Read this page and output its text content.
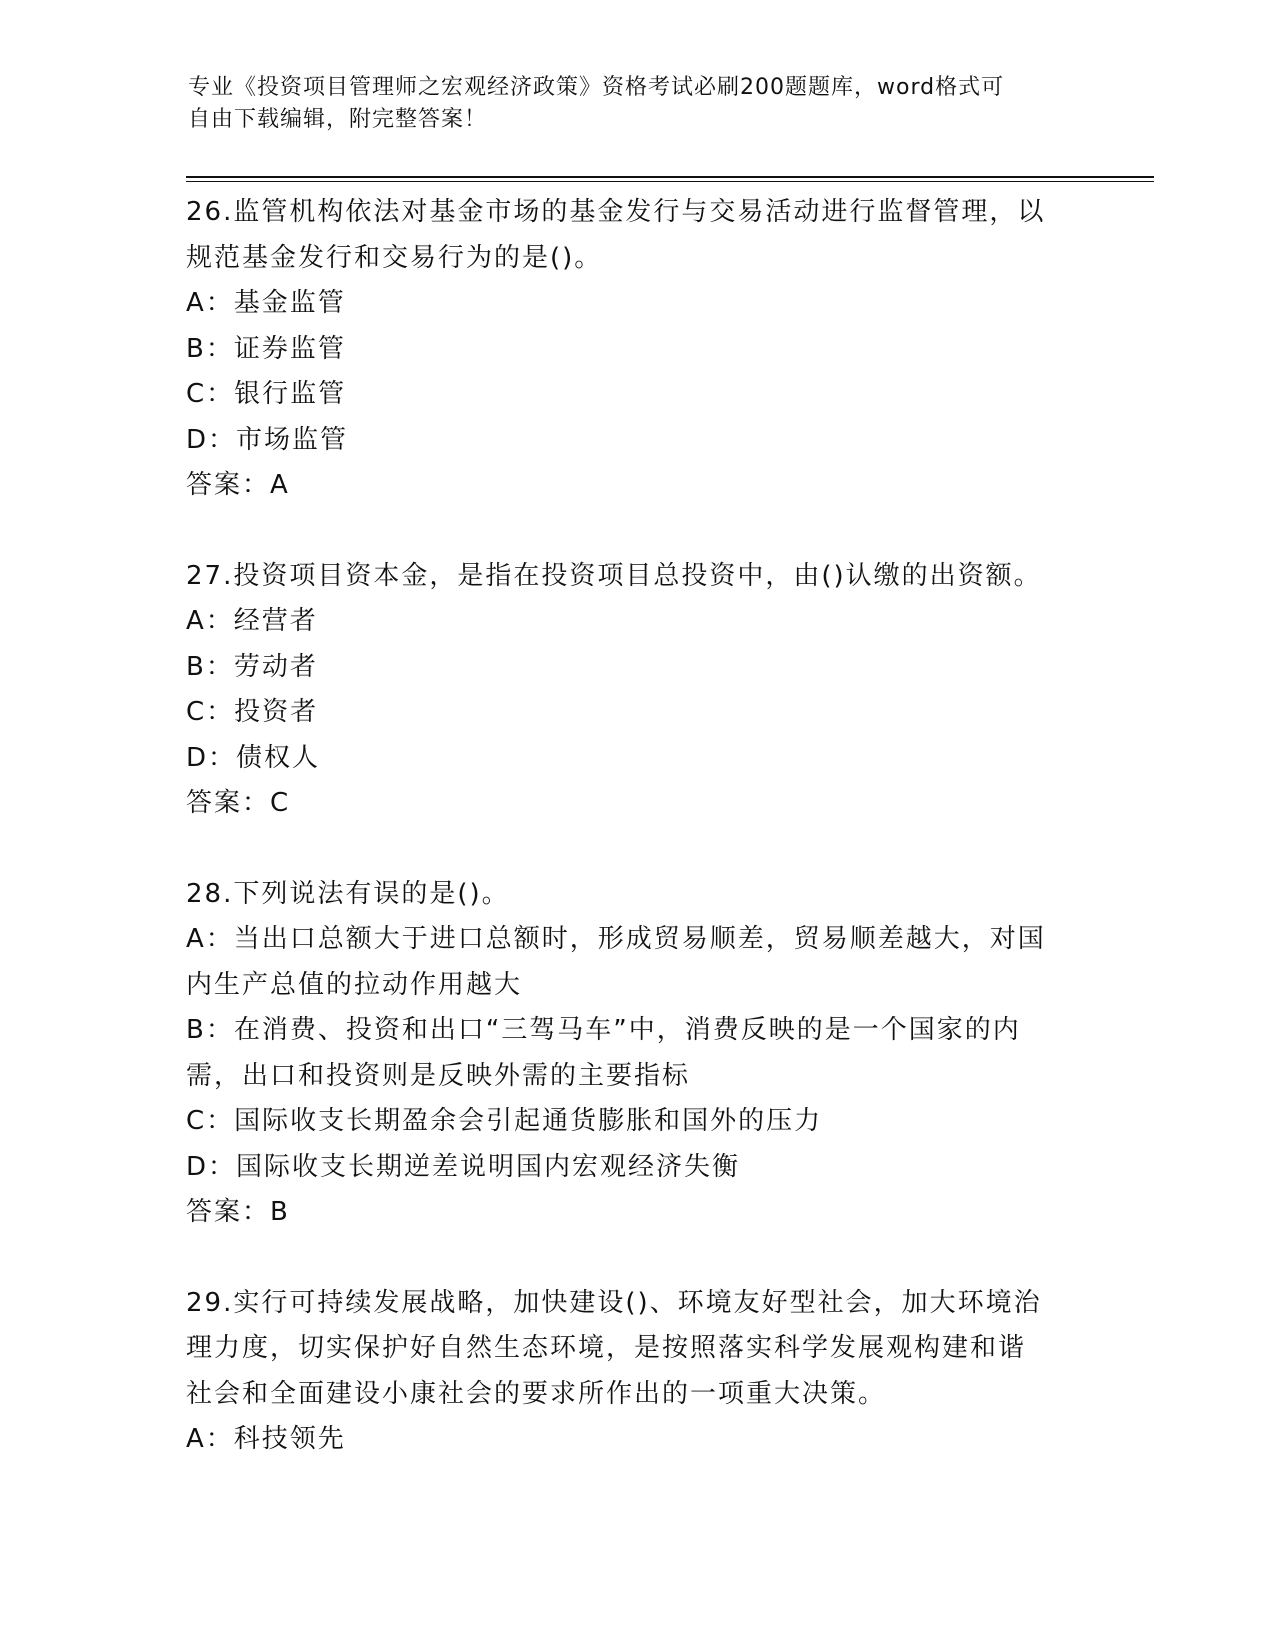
专业《投资项目管理师之宏观经济政策》资格考试必刷200题题库，word格式可
自由下载编辑，附完整答案！
26.监管机构依法对基金市场的基金发行与交易活动进行监督管理，以
规范基金发行和交易行为的是()。
A：基金监管
B：证券监管
C：银行监管
D：市场监管
答案：A
27.投资项目资本金，是指在投资项目总投资中，由()认缴的出资额。
A：经营者
B：劳动者
C：投资者
D：债权人
答案：C
28.下列说法有误的是()。
A：当出口总额大于进口总额时，形成贸易顺差，贸易顺差越大，对国
内生产总值的拉动作用越大
B：在消费、投资和出口“三驾马车”中，消费反映的是一个国家的内
需，出口和投资则是反映外需的主要指标
C：国际收支长期盈余会引起通货膨胀和国外的压力
D：国际收支长期逆差说明国内宏观经济失衡
答案：B
29.实行可持续发展战略，加快建设()、环境友好型社会，加大环境治
理力度，切实保护好自然生态环境，是按照落实科学发展观构建和谐
社会和全面建设小康社会的要求所作出的一项重大决策。
A：科技领先
